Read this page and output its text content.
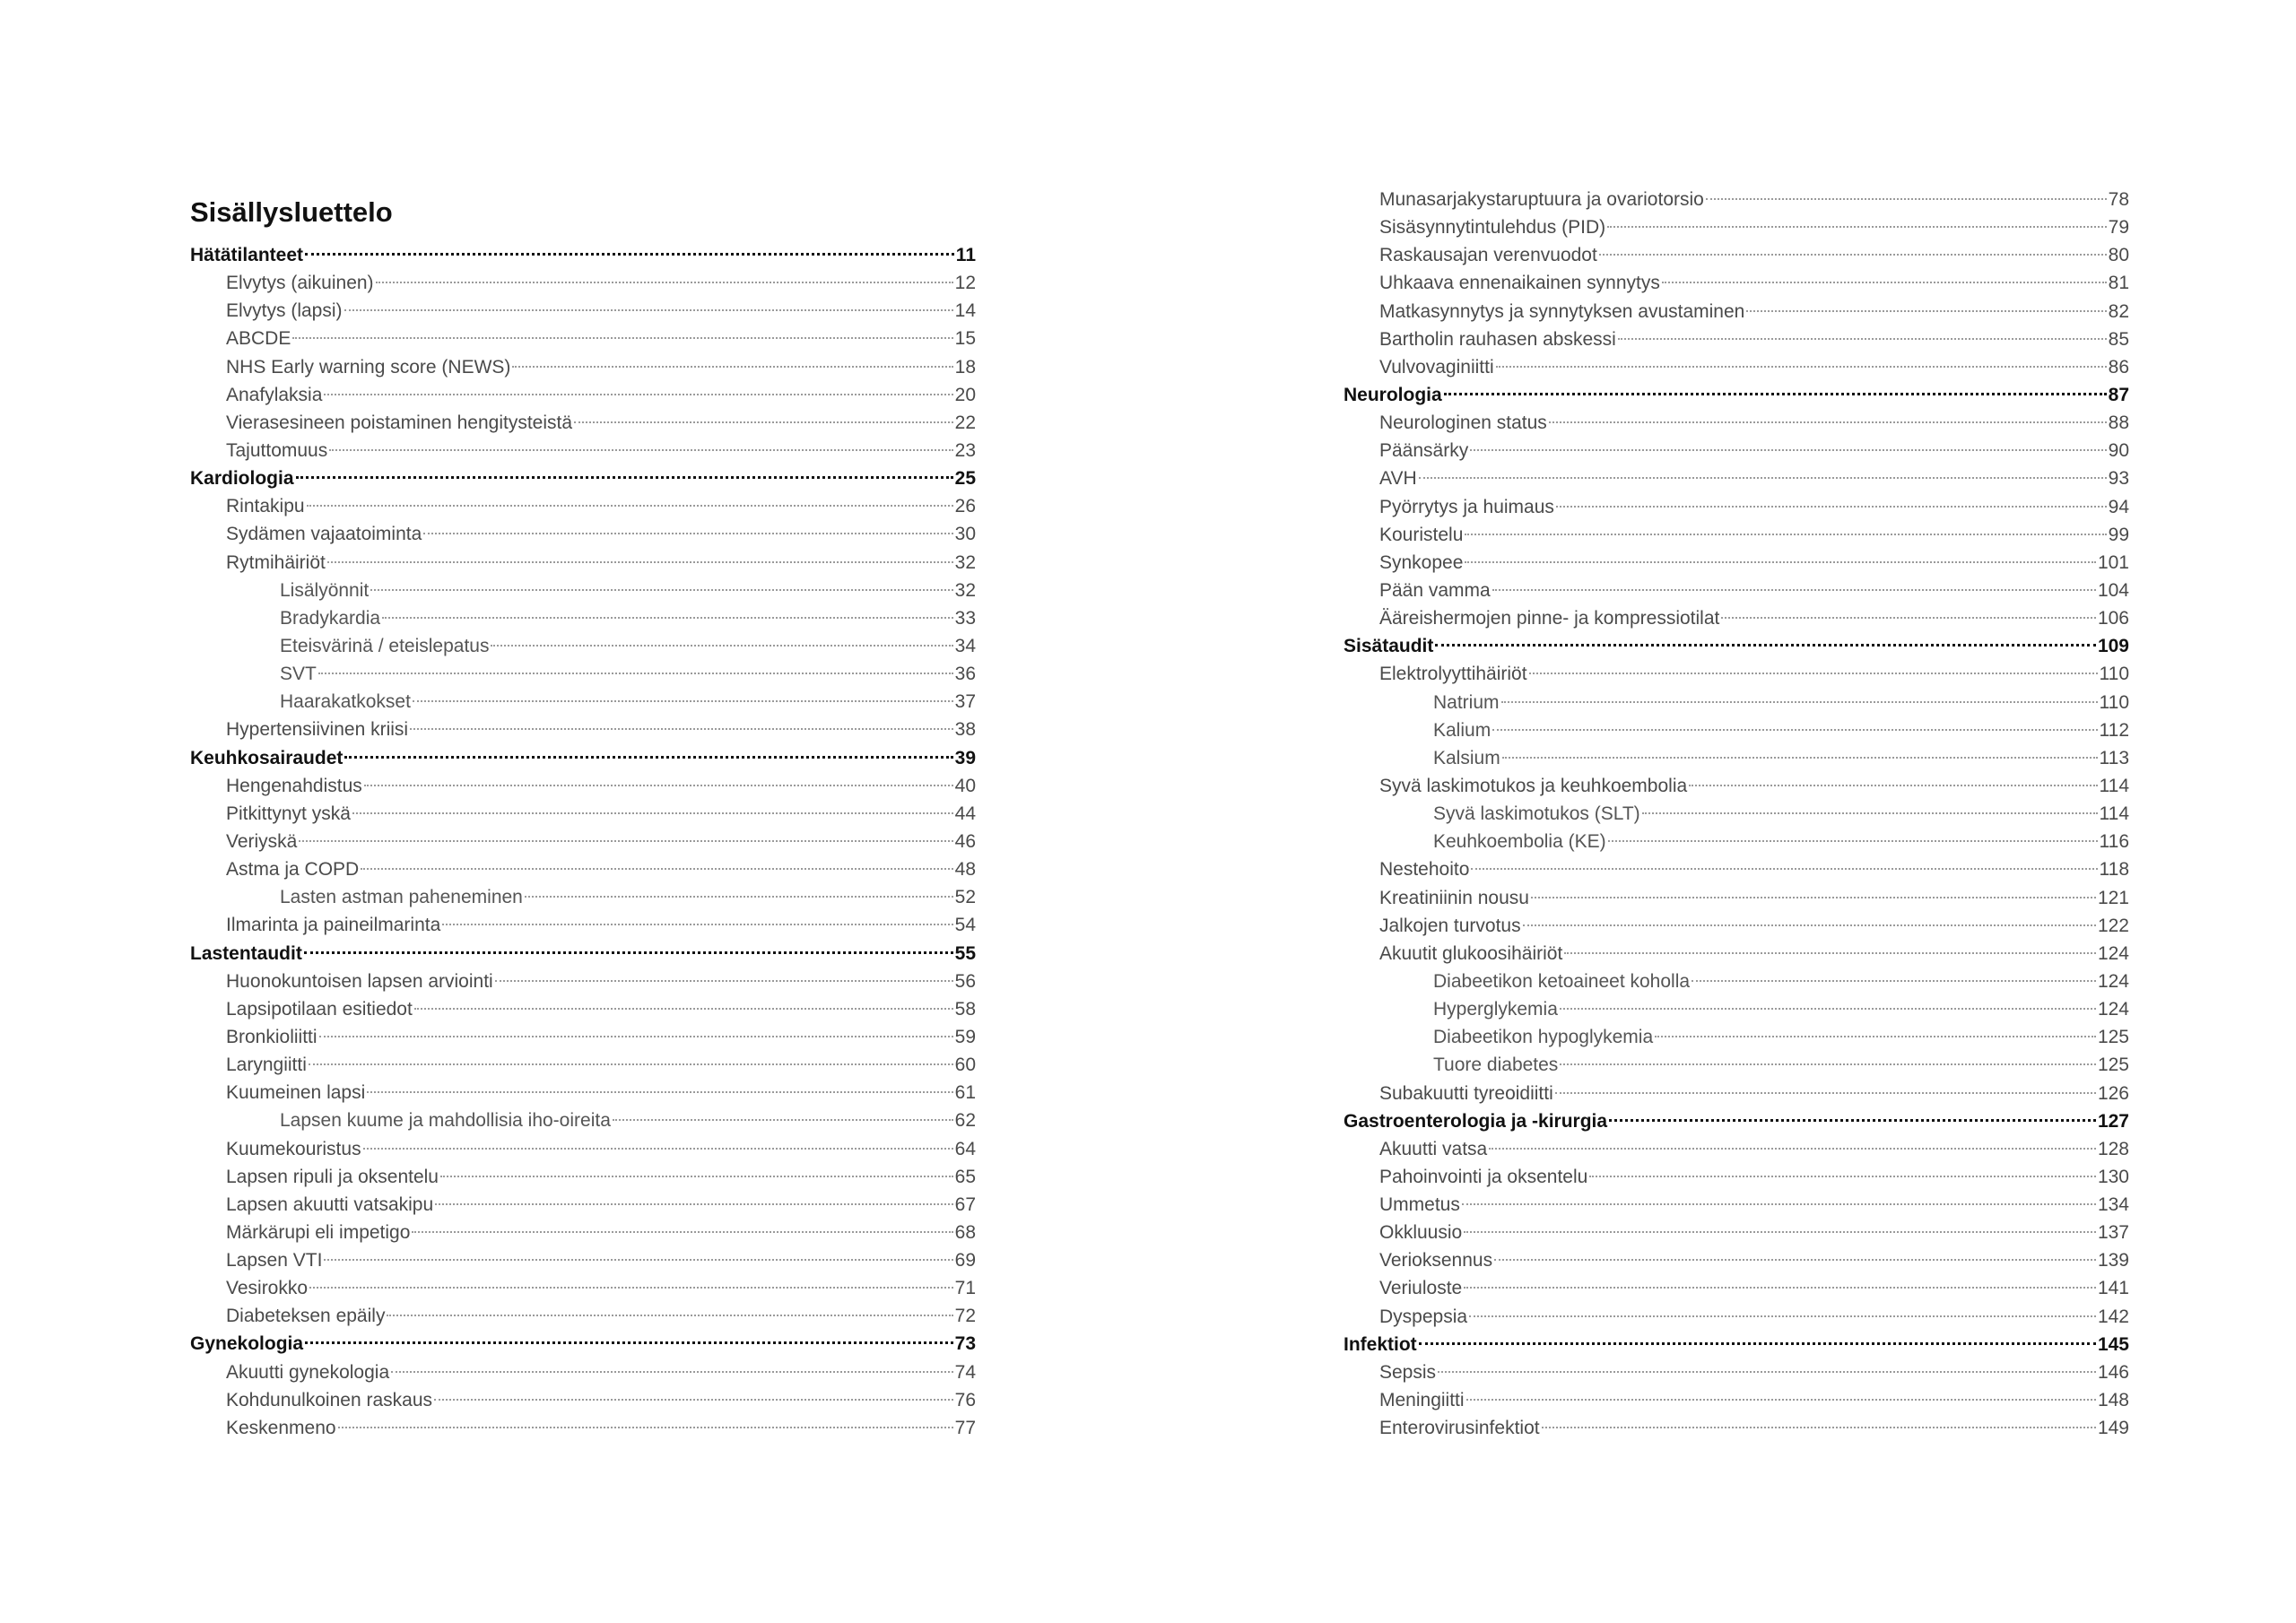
Sisällysluettelo
Hätätilanteet	11
Elvytys (aikuinen)	12
Elvytys (lapsi)	14
ABCDE	15
NHS Early warning score (NEWS)	18
Anafylaksia	20
Vierasesineen poistaminen hengitysteistä	22
Tajuttomuus	23
Kardiologia	25
Rintakipu	26
Sydämen vajaatoiminta	30
Rytmihäiriöt	32
Lisälyönnit	32
Bradykardia	33
Eteisvärinä / eteislepatus	34
SVT	36
Haarakatkokset	37
Hypertensiivinen kriisi	38
Keuhkosairaudet	39
Hengenahdistus	40
Pitkittynyt yskä	44
Veriyskä	46
Astma ja COPD	48
Lasten astman paheneminen	52
Ilmarinta ja paineilmarinta	54
Lastentaudit	55
Huonokuntoisen lapsen arviointi	56
Lapsipotilaan esitiedot	58
Bronkioliitti	59
Laryngiitti	60
Kuumeinen lapsi	61
Lapsen kuume ja mahdollisia iho-oireita	62
Kuumekouristus	64
Lapsen ripuli ja oksentelu	65
Lapsen akuutti vatsakipu	67
Märkärupi eli impetigo	68
Lapsen VTI	69
Vesirokko	71
Diabeteksen epäily	72
Gynekologia	73
Akuutti gynekologia	74
Kohdunulkoinen raskaus	76
Keskenmeno	77
Munasarjakystaruptuura ja ovariotorsio	78
Sisäsynnytintulehdus (PID)	79
Raskausajan verenvuodot	80
Uhkaava ennenaikainen synnytys	81
Matkasynnytys ja synnytyksen avustaminen	82
Bartholin rauhasen abskessi	85
Vulvovaginiitti	86
Neurologia	87
Neurologinen status	88
Päänsärky	90
AVH	93
Pyörrytys ja huimaus	94
Kouristelu	99
Synkopee	101
Pään vamma	104
Ääreishermojen pinne- ja kompressiotilat	106
Sisätaudit	109
Elektrolyyttihäiriöt	110
Natrium	110
Kalium	112
Kalsium	113
Syvä laskimotukos ja keuhkoembolia	114
Syvä laskimotukos (SLT)	114
Keuhkoembolia (KE)	116
Nestehoito	118
Kreatiniinin nousu	121
Jalkojen turvotus	122
Akuutit glukoosihäiriöt	124
Diabeetikon ketoaineet koholla	124
Hyperglykemia	124
Diabeetikon hypoglykemia	125
Tuore diabetes	125
Subakuutti tyreoidiitti	126
Gastroenterologia ja -kirurgia	127
Akuutti vatsa	128
Pahoinvointi ja oksentelu	130
Ummetus	134
Okkluusio	137
Verioksennus	139
Veriuloste	141
Dyspepsia	142
Infektiot	145
Sepsis	146
Meningiitti	148
Enterovirusinfektiot	149
